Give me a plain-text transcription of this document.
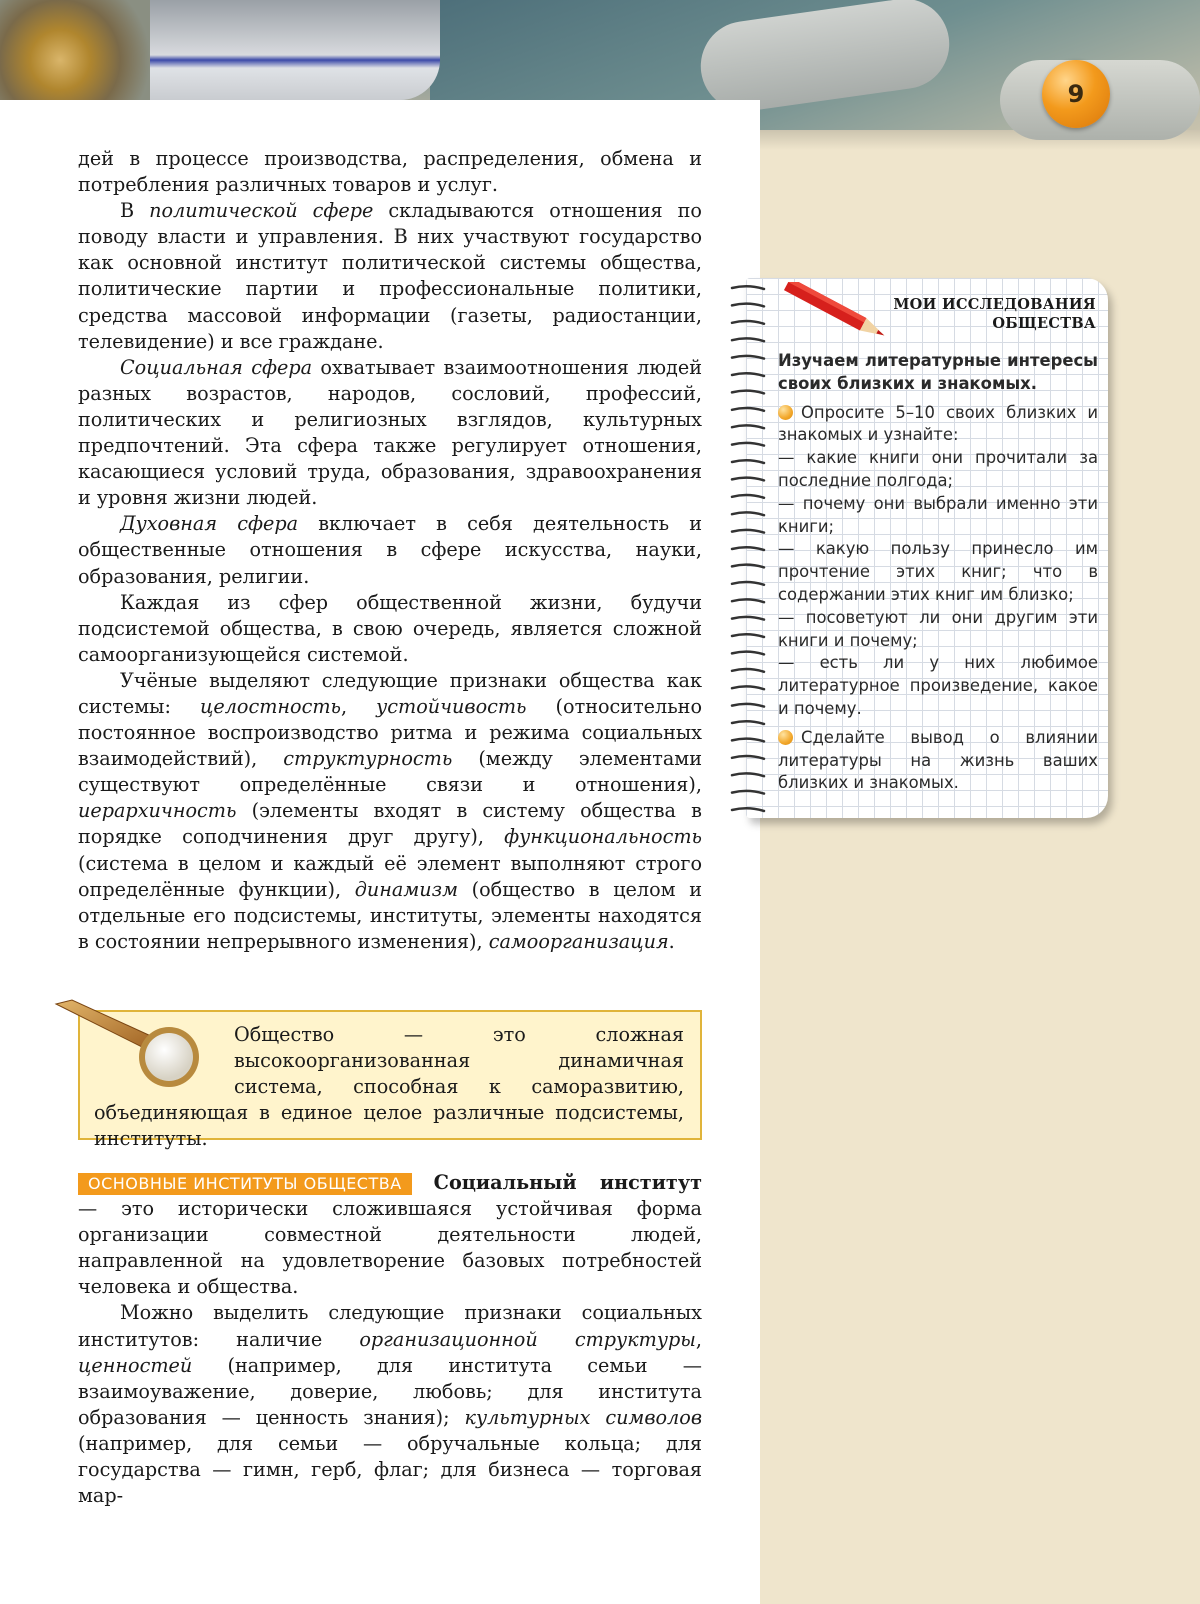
9

дей в процессе производства, распределения, обмена и потребления различных товаров и услуг.

В политической сфере складываются отношения по поводу власти и управления. В них участвуют государство как основной институт политической системы общества, политические партии и профессиональные политики, средства массовой информации (газеты, радиостанции, телевидение) и все граждане.

Социальная сфера охватывает взаимоотношения людей разных возрастов, народов, сословий, профессий, политических и религиозных взглядов, культурных предпочтений. Эта сфера также регулирует отношения, касающиеся условий труда, образования, здравоохранения и уровня жизни людей.

Духовная сфера включает в себя деятельность и общественные отношения в сфере искусства, науки, образования, религии.

Каждая из сфер общественной жизни, будучи подсистемой общества, в свою очередь, является сложной самоорганизующейся системой.

Учёные выделяют следующие признаки общества как системы: целостность, устойчивость (относительно постоянное воспроизводство ритма и режима социальных взаимодействий), структурность (между элементами существуют определённые связи и отношения), иерархичность (элементы входят в систему общества в порядке соподчинения друг другу), функциональность (система в целом и каждый её элемент выполняют строго определённые функции), динамизм (общество в целом и отдельные его подсистемы, институты, элементы находятся в состоянии непрерывного изменения), самоорганизация.

Общество — это сложная высокоорганизованная динамичная система, способная к саморазвитию, объединяющая в единое целое различные подсистемы, институты.

ОСНОВНЫЕ ИНСТИТУТЫ ОБЩЕСТВА Социальный институт — это исторически сложившаяся устойчивая форма организации совместной деятельности людей, направленной на удовлетворение базовых потребностей человека и общества.

Можно выделить следующие признаки социальных институтов: наличие организационной структуры, ценностей (например, для института семьи — взаимоуважение, доверие, любовь; для института образования — ценность знания); культурных символов (например, для семьи — обручальные кольца; для государства — гимн, герб, флаг; для бизнеса — торговая мар-

МОИ ИССЛЕДОВАНИЯ ОБЩЕСТВА

Изучаем литературные интересы своих близких и знакомых.

Опросите 5–10 своих близких и знакомых и узнайте:

— какие книги они прочитали за последние полгода;

— почему они выбрали именно эти книги;

— какую пользу принесло им прочтение этих книг; что в содержании этих книг им близко;

— посоветуют ли они другим эти книги и почему;

— есть ли у них любимое литературное произведение, какое и почему.

Сделайте вывод о влиянии литературы на жизнь ваших близких и знакомых.
